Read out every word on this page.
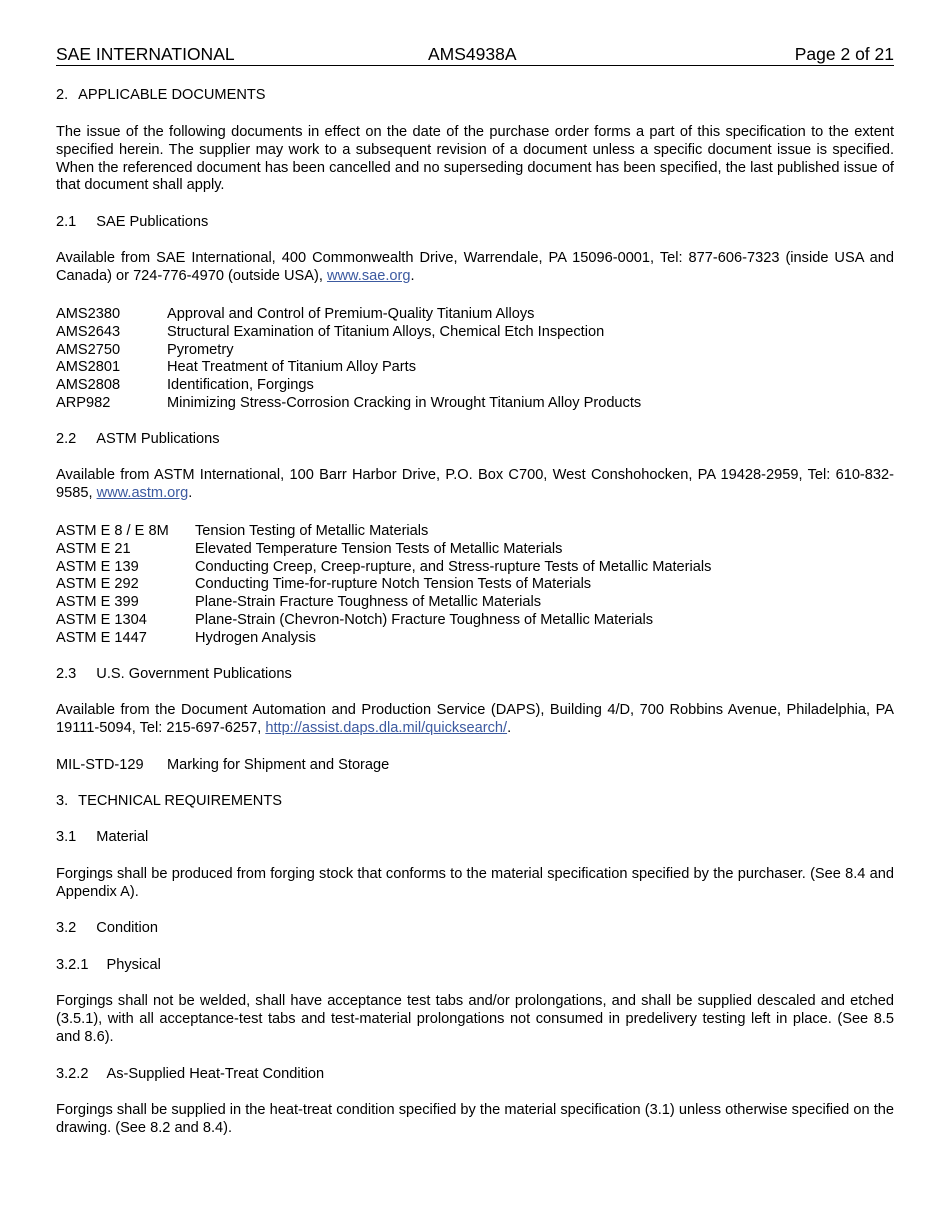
SAE INTERNATIONAL	AMS4938A	Page 2 of 21
2. APPLICABLE DOCUMENTS
The issue of the following documents in effect on the date of the purchase order forms a part of this specification to the extent specified herein. The supplier may work to a subsequent revision of a document unless a specific document issue is specified. When the referenced document has been cancelled and no superseding document has been specified, the last published issue of that document shall apply.
2.1 SAE Publications
Available from SAE International, 400 Commonwealth Drive, Warrendale, PA 15096-0001, Tel: 877-606-7323 (inside USA and Canada) or 724-776-4970 (outside USA), www.sae.org.
AMS2380	Approval and Control of Premium-Quality Titanium Alloys
AMS2643	Structural Examination of Titanium Alloys, Chemical Etch Inspection
AMS2750	Pyrometry
AMS2801	Heat Treatment of Titanium Alloy Parts
AMS2808	Identification, Forgings
ARP982	Minimizing Stress-Corrosion Cracking in Wrought Titanium Alloy Products
2.2 ASTM Publications
Available from ASTM International, 100 Barr Harbor Drive, P.O. Box C700, West Conshohocken, PA 19428-2959, Tel: 610-832-9585, www.astm.org.
ASTM E 8 / E 8M Tension Testing of Metallic Materials
ASTM E 21	Elevated Temperature Tension Tests of Metallic Materials
ASTM E 139	Conducting Creep, Creep-rupture, and Stress-rupture Tests of Metallic Materials
ASTM E 292	Conducting Time-for-rupture Notch Tension Tests of Materials
ASTM E 399	Plane-Strain Fracture Toughness of Metallic Materials
ASTM E 1304	Plane-Strain (Chevron-Notch) Fracture Toughness of Metallic Materials
ASTM E 1447	Hydrogen Analysis
2.3 U.S. Government Publications
Available from the Document Automation and Production Service (DAPS), Building 4/D, 700 Robbins Avenue, Philadelphia, PA 19111-5094, Tel: 215-697-6257, http://assist.daps.dla.mil/quicksearch/.
MIL-STD-129 Marking for Shipment and Storage
3. TECHNICAL REQUIREMENTS
3.1 Material
Forgings shall be produced from forging stock that conforms to the material specification specified by the purchaser. (See 8.4 and Appendix A).
3.2 Condition
3.2.1 Physical
Forgings shall not be welded, shall have acceptance test tabs and/or prolongations, and shall be supplied descaled and etched (3.5.1), with all acceptance-test tabs and test-material prolongations not consumed in predelivery testing left in place. (See 8.5 and 8.6).
3.2.2 As-Supplied Heat-Treat Condition
Forgings shall be supplied in the heat-treat condition specified by the material specification (3.1) unless otherwise specified on the drawing. (See 8.2 and 8.4).
